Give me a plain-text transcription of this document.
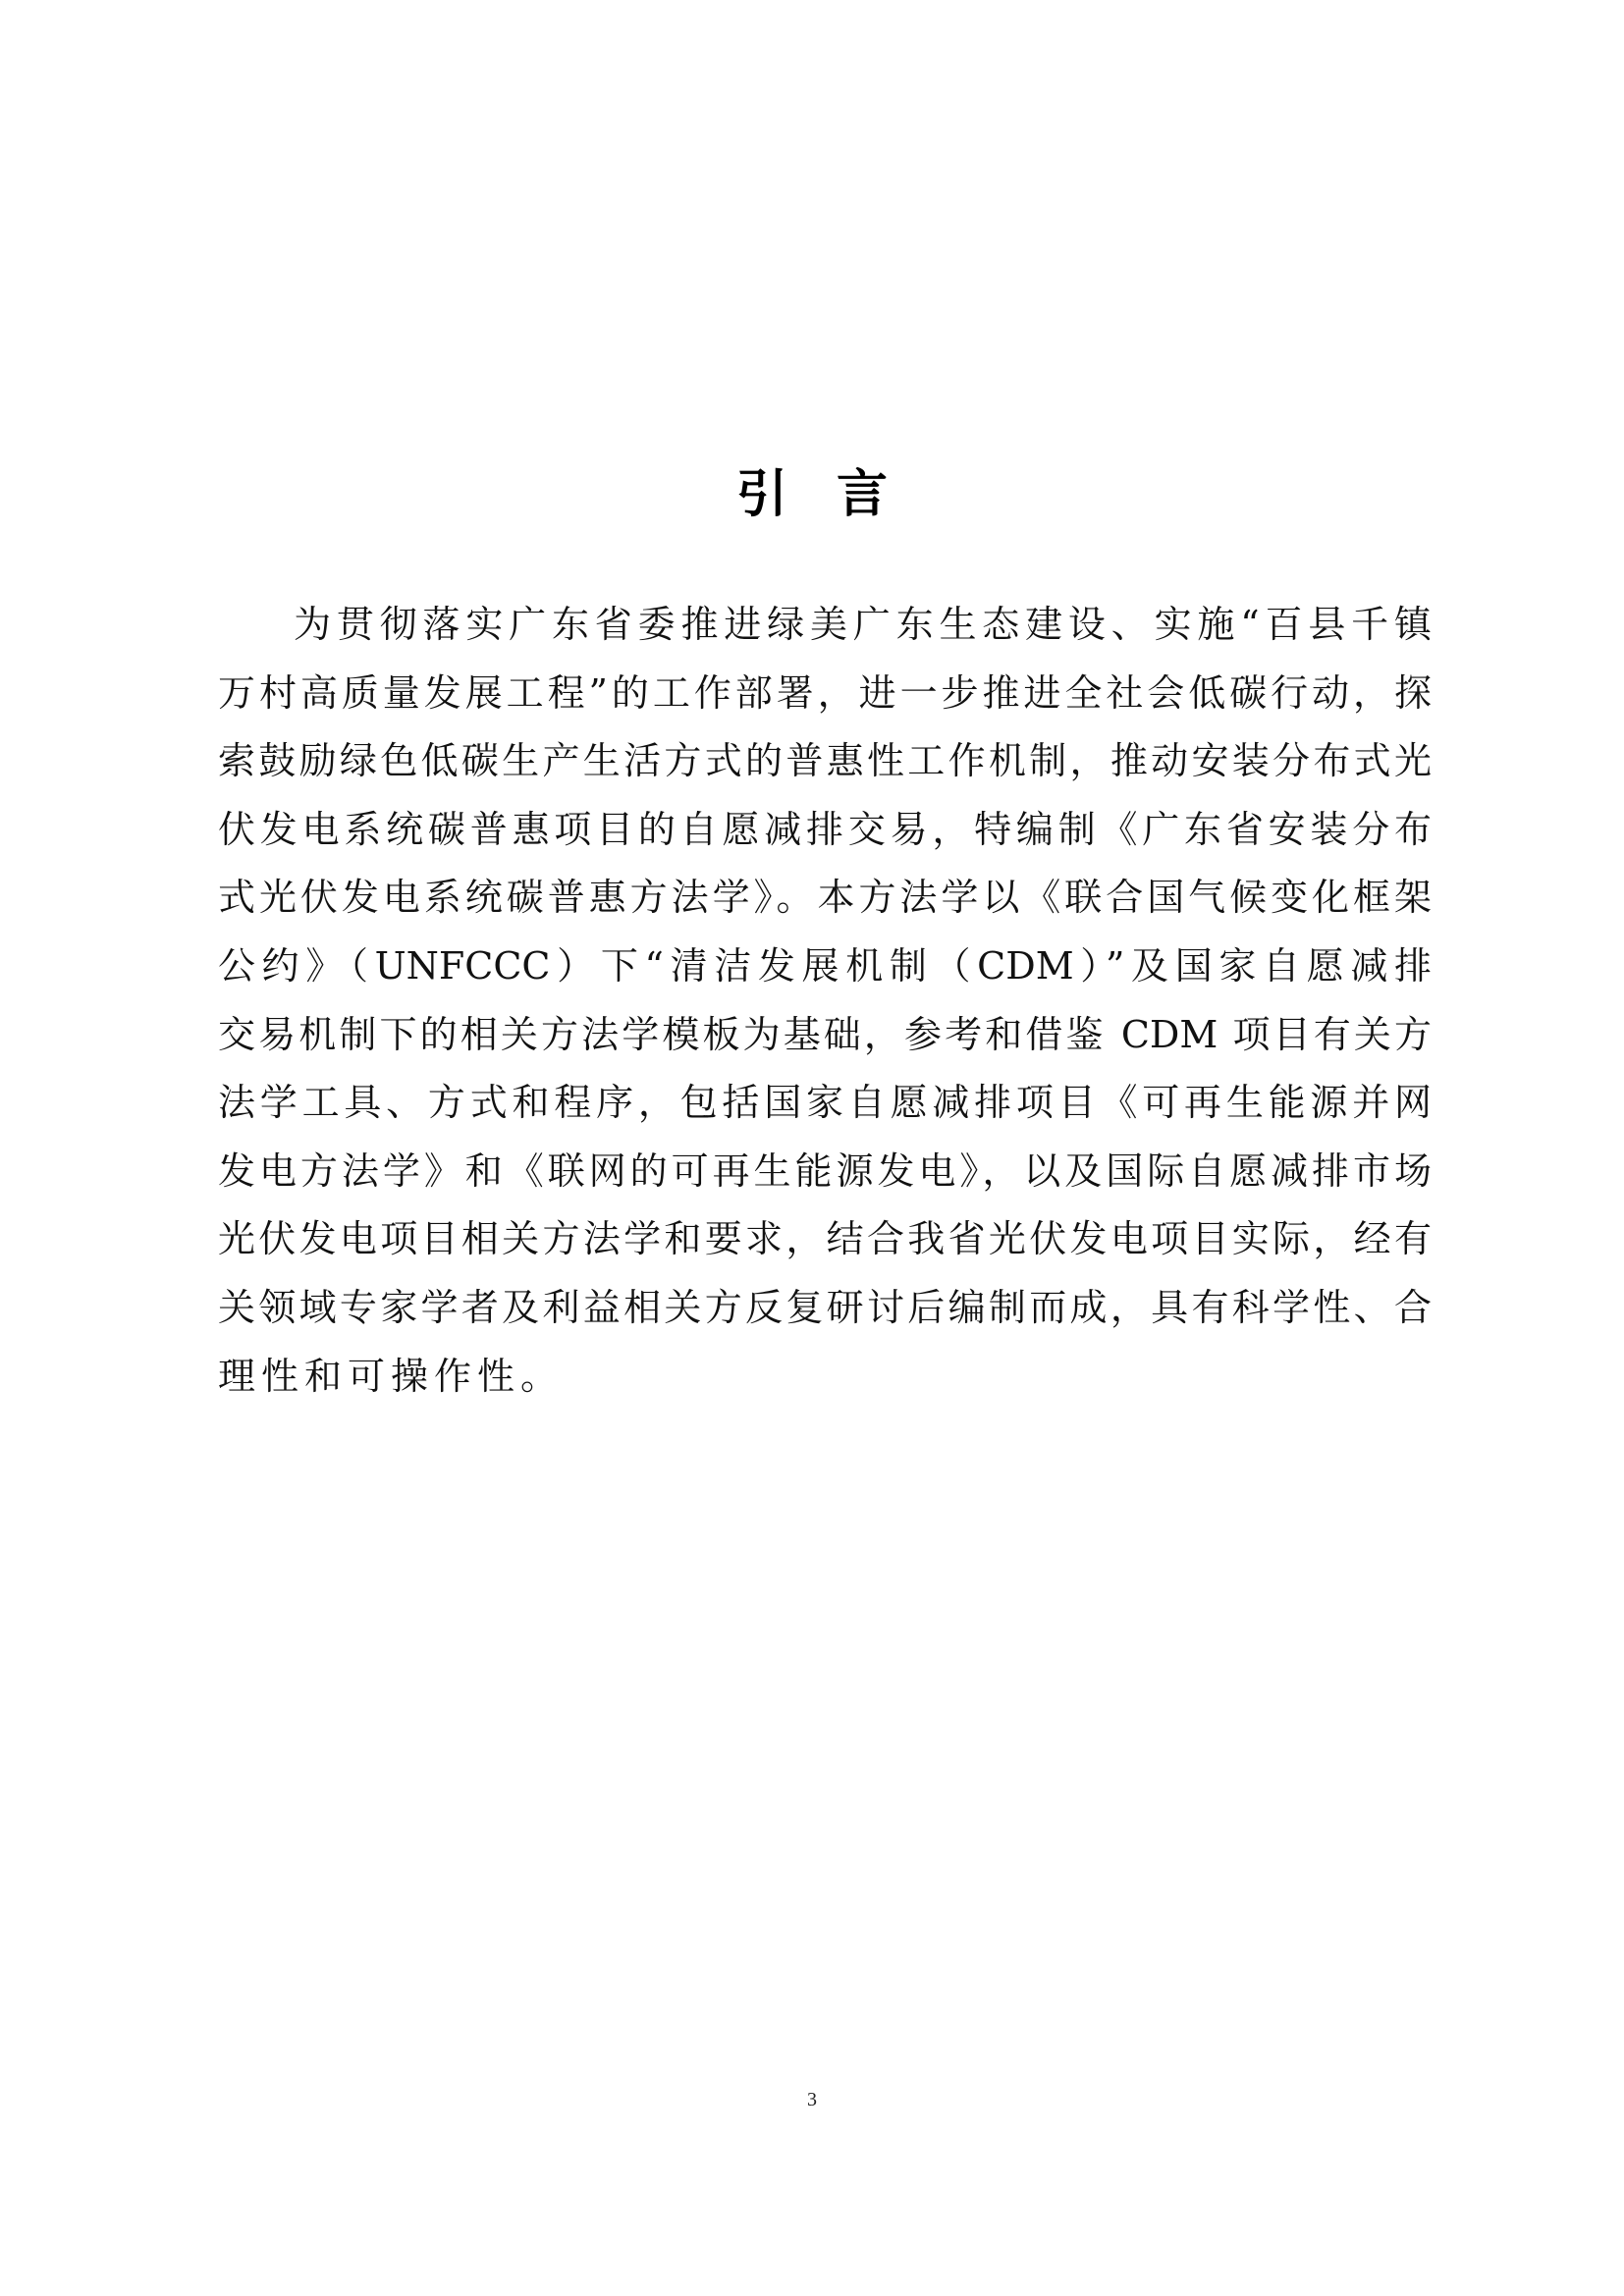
引言
为贯彻落实广东省委推进绿美广东生态建设、实施“百县千镇
万村高质量发展工程”的工作部署，进一步推进全社会低碳行动，探
索鼓励绿色低碳生产生活方式的普惠性工作机制，推动安装分布式光
伏发电系统碳普惠项目的自愿减排交易，特编制《广东省安装分布
式光伏发电系统碳普惠方法学》。本方法学以《联合国气候变化框架
公约》（UNFCCC）下“清洁发展机制（CDM）”及国家自愿减排
交易机制下的相关方法学模板为基础，参考和借鉴 CDM 项目有关方
法学工具、方式和程序，包括国家自愿减排项目《可再生能源并网
发电方法学》和《联网的可再生能源发电》，以及国际自愿减排市场
光伏发电项目相关方法学和要求，结合我省光伏发电项目实际，经有
关领域专家学者及利益相关方反复研讨后编制而成，具有科学性、合
理性和可操作性。
3
